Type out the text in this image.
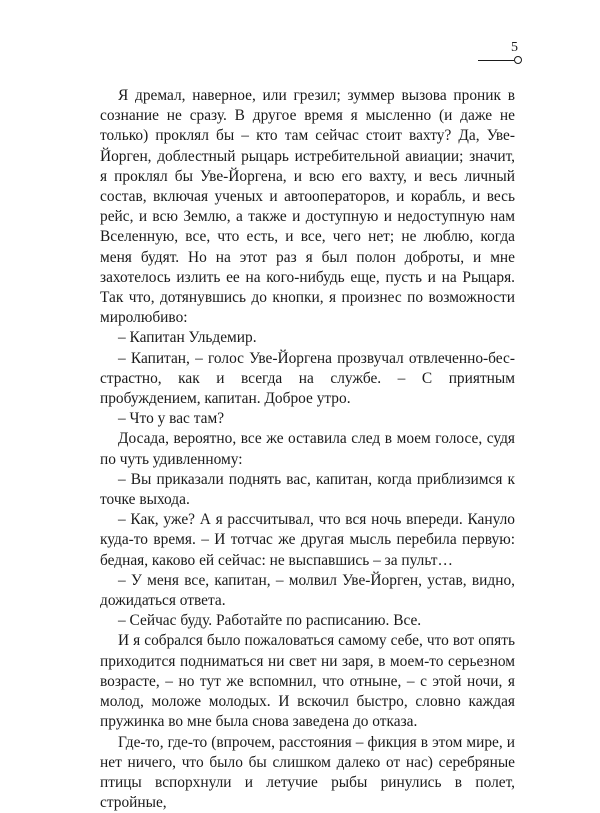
5

Я дремал, наверное, или грезил; зуммер вызова проник в сознание не сразу. В другое время я мысленно (и даже не только) проклял бы – кто там сейчас стоит вахту? Да, Уве-Йорген, доблестный рыцарь истребительной авиации; значит, я проклял бы Уве-Йоргена, и всю его вахту, и весь личный состав, включая ученых и автооператоров, и корабль, и весь рейс, и всю Землю, а также и доступную и недоступную нам Вселенную, все, что есть, и все, чего нет; не люблю, когда меня будят. Но на этот раз я был полон доброты, и мне захотелось излить ее на кого-нибудь еще, пусть и на Рыцаря. Так что, дотянувшись до кнопки, я произнес по возможности миролюбиво:

– Капитан Ульдемир.

– Капитан, – голос Уве-Йоргена прозвучал отвлеченно-бесстрастно, как и всегда на службе. – С приятным пробуждением, капитан. Доброе утро.

– Что у вас там?

Досада, вероятно, все же оставила след в моем голосе, судя по чуть удивленному:

– Вы приказали поднять вас, капитан, когда приблизимся к точке выхода.

– Как, уже? А я рассчитывал, что вся ночь впереди. Кануло куда-то время. – И тотчас же другая мысль перебила первую: бедная, каково ей сейчас: не выспавшись – за пульт…

– У меня все, капитан, – молвил Уве-Йорген, устав, видно, дожидаться ответа.

– Сейчас буду. Работайте по расписанию. Все.

И я собрался было пожаловаться самому себе, что вот опять приходится подниматься ни свет ни заря, в моем-то серьезном возрасте, – но тут же вспомнил, что отныне, – с этой ночи, я молод, моложе молодых. И вскочил быстро, словно каждая пружинка во мне была снова заведена до отказа.

Где-то, где-то (впрочем, расстояния – фикция в этом мире, и нет ничего, что было бы слишком далеко от нас) серебряные птицы вспорхнули и летучие рыбы ринулись в полет, стройные,
